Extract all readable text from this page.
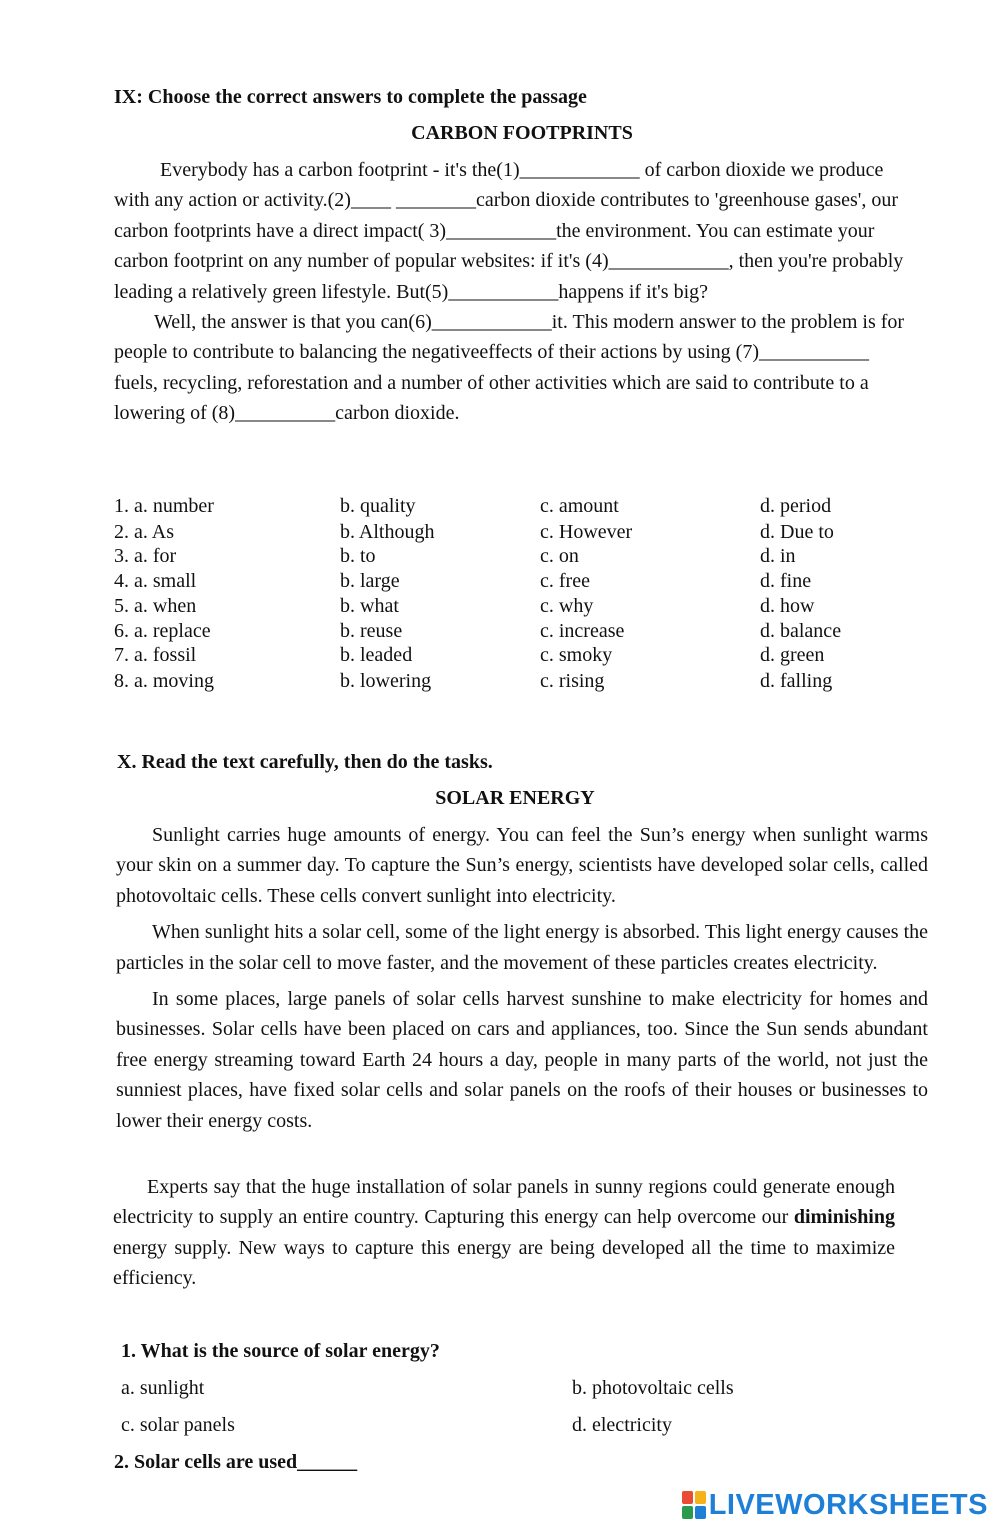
IX: Choose the correct answers to complete the passage
CARBON FOOTPRINTS

Everybody has a carbon footprint - it's the(1)____________ of carbon dioxide we produce with any action or activity.(2)____ ________carbon dioxide contributes to 'greenhouse gases', our carbon footprints have a direct impact( 3)___________the environment. You can estimate your carbon footprint on any number of popular websites: if it's (4)____________, then you're probably leading a relatively green lifestyle. But(5)___________happens if it's big?

Well, the answer is that you can(6)____________it. This modern answer to the problem is for people to contribute to balancing the negativeeffects of their actions by using (7)___________ fuels, recycling, reforestation and a number of other activities which are said to contribute to a lowering of (8)__________carbon dioxide.

1. a. number	b. quality	c. amount	d. period
2. a. As	b. Although	c. However	d. Due to
3. a. for	b. to	c. on	d. in
4. a. small	b. large	c. free	d. fine
5. a. when	b. what	c. why	d. how
6. a. replace	b. reuse	c. increase	d. balance
7. a. fossil	b. leaded	c. smoky	d. green
8. a. moving	b. lowering	c. rising	d. falling
X. Read the text carefully, then do the tasks.
SOLAR ENERGY

Sunlight carries huge amounts of energy. You can feel the Sun’s energy when sunlight warms your skin on a summer day. To capture the Sun’s energy, scientists have developed solar cells, called photovoltaic cells. These cells convert sunlight into electricity.

When sunlight hits a solar cell, some of the light energy is absorbed. This light energy causes the particles in the solar cell to move faster, and the movement of these particles creates electricity.

In some places, large panels of solar cells harvest sunshine to make electricity for homes and businesses. Solar cells have been placed on cars and appliances, too. Since the Sun sends abundant free energy streaming toward Earth 24 hours a day, people in many parts of the world, not just the sunniest places, have fixed solar cells and solar panels on the roofs of their houses or businesses to lower their energy costs.

Experts say that the huge installation of solar panels in sunny regions could generate enough electricity to supply an entire country. Capturing this energy can help overcome our diminishing energy supply. New ways to capture this energy are being developed all the time to maximize efficiency.

1. What is the source of solar energy?
a. sunlight	b. photovoltaic cells
c. solar panels	d. electricity
2. Solar cells are used______
LIVEWORKSHEETS
